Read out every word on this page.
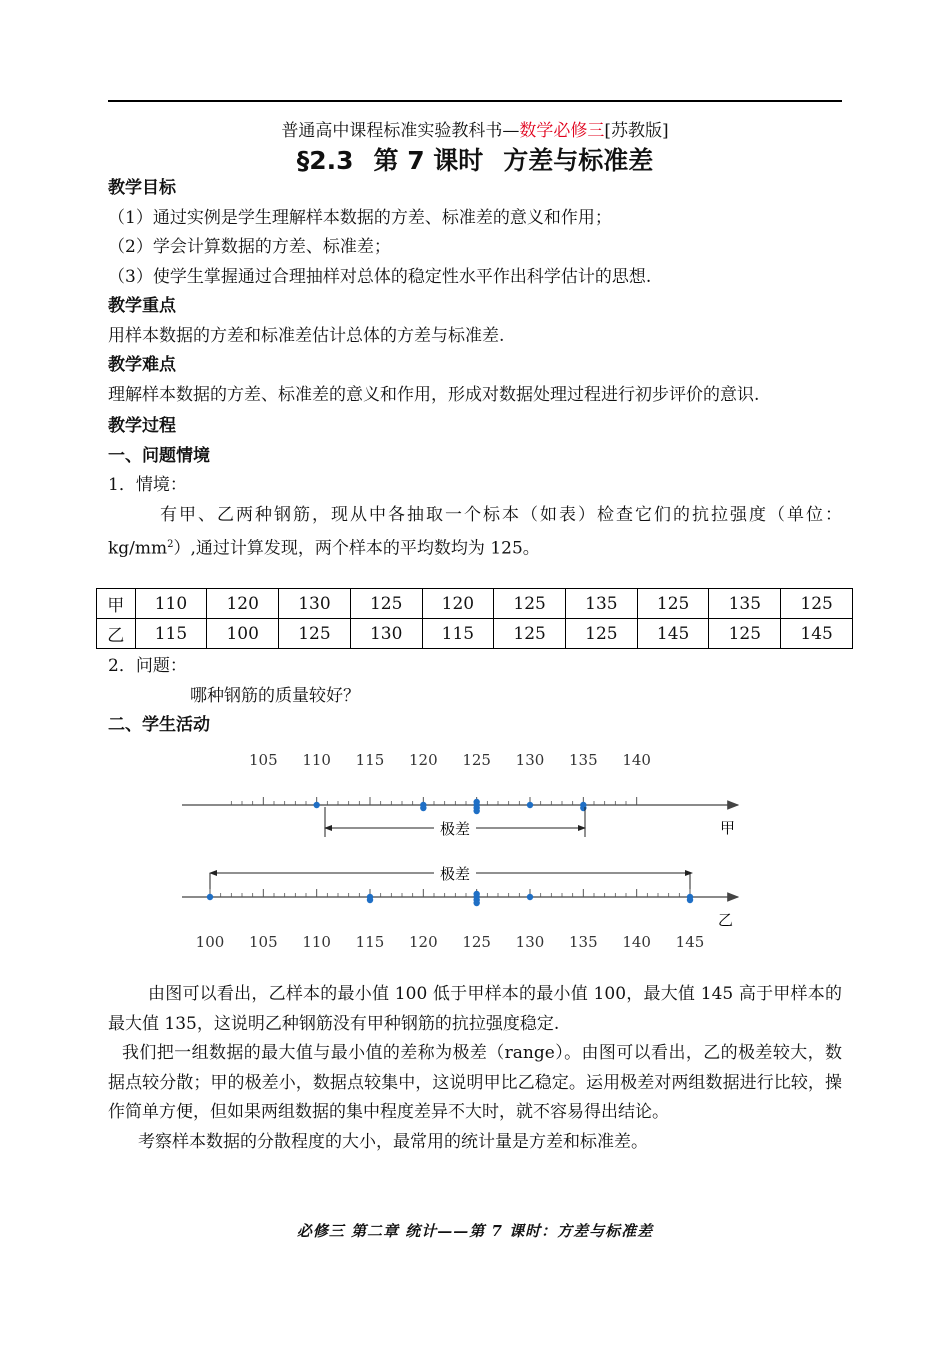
普通高中课程标准实验教科书—数学必修三[苏教版]
§2.3 第 7 课时 方差与标准差
教学目标
（1）通过实例是学生理解样本数据的方差、标准差的意义和作用；
（2）学会计算数据的方差、标准差；
（3）使学生掌握通过合理抽样对总体的稳定性水平作出科学估计的思想.
教学重点
用样本数据的方差和标准差估计总体的方差与标准差.
教学难点
理解样本数据的方差、标准差的意义和作用，形成对数据处理过程进行初步评价的意识.
教学过程
一、问题情境
1．情境：
有甲、乙两种钢筋，现从中各抽取一个标本（如表）检查它们的抗拉强度（单位：$kg/mm^2$）,通过计算发现，两个样本的平均数均为 125。
甲	110	120	130	125	120	125	135	125	135	125
乙	115	100	125	130	115	125	125	145	125	145
2．问题：
哪种钢筋的质量较好？
二、学生活动
105 110 115 120 125 130 135 140
极差	甲
极差
100 105 110 115 120 125 130 135 140 145
乙
由图可以看出，乙样本的最小值 100 低于甲样本的最小值 100，最大值 145 高于甲样本的最大值 135，这说明乙种钢筋没有甲种钢筋的抗拉强度稳定.
我们把一组数据的最大值与最小值的差称为极差（range）。由图可以看出，乙的极差较大，数据点较分散；甲的极差小，数据点较集中，这说明甲比乙稳定。运用极差对两组数据进行比较，操作简单方便，但如果两组数据的集中程度差异不大时，就不容易得出结论。
考察样本数据的分散程度的大小，最常用的统计量是方差和标准差。
必修三 第二章 统计——第 7 课时：方差与标准差
